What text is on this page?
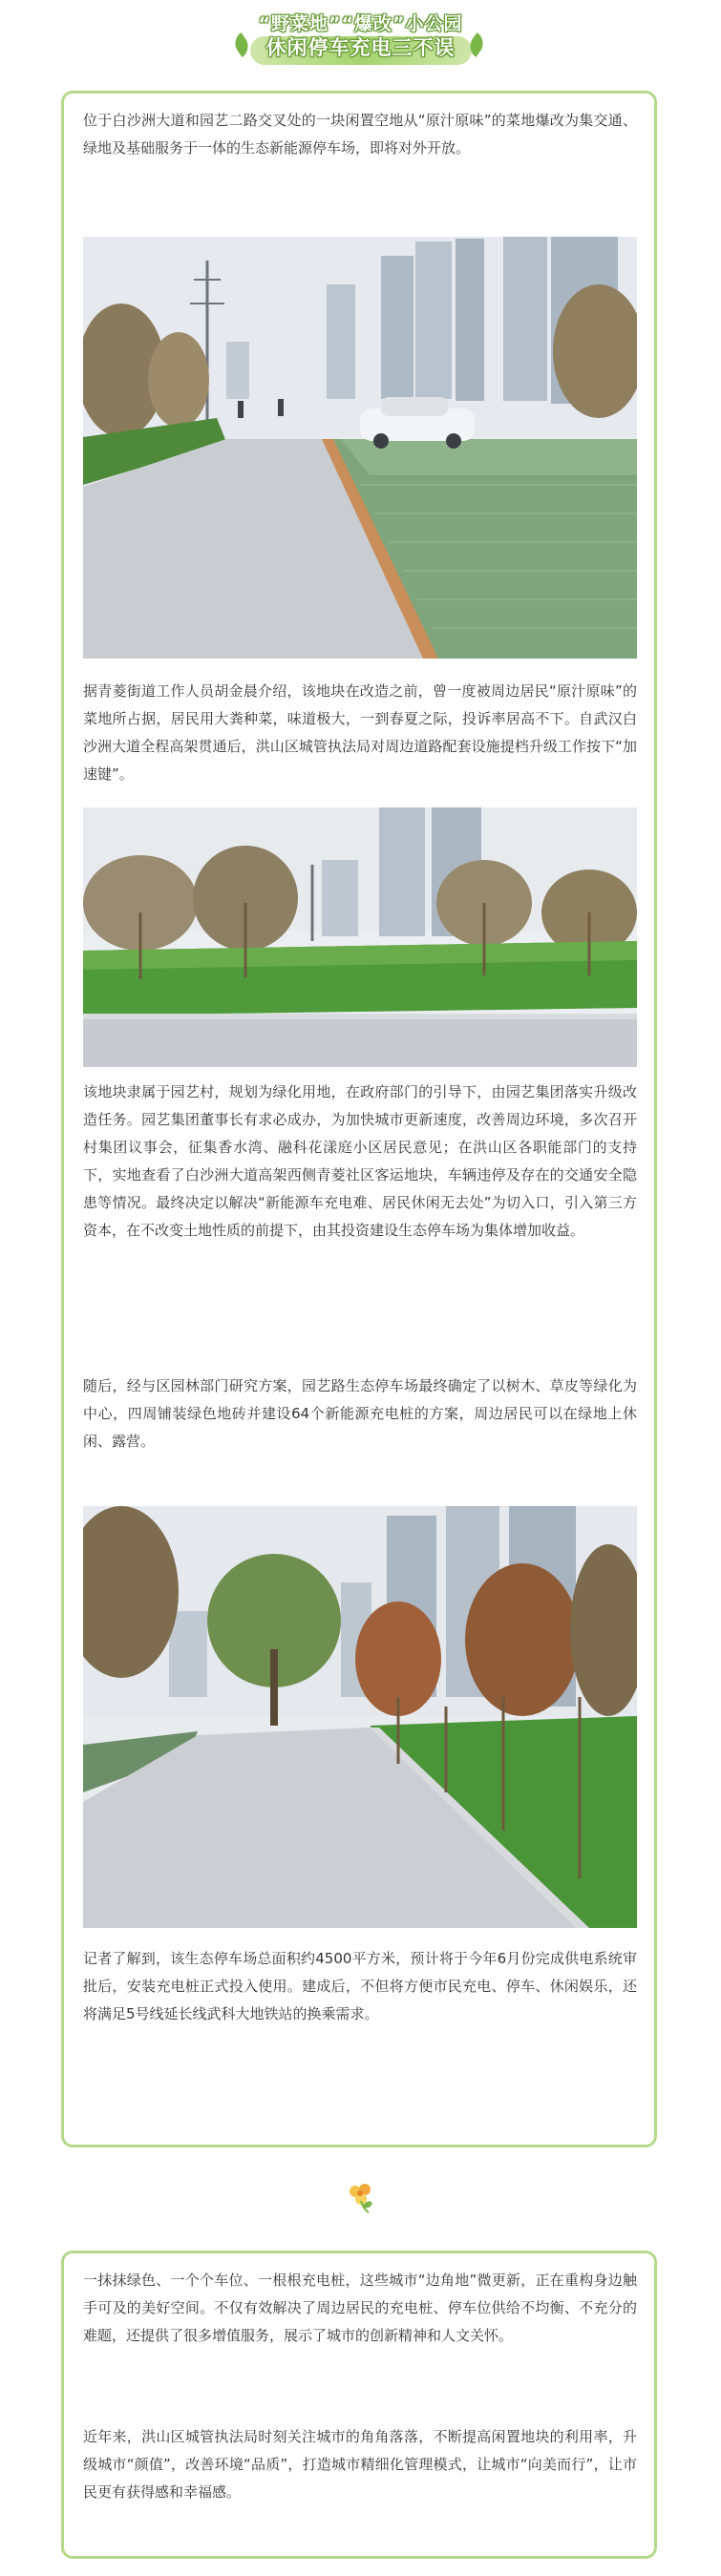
“野菜地”“爆改”小公园
休闲停车充电三不误

位于白沙洲大道和园艺二路交叉处的一块闲置空地从“原汁原味”的菜地爆改为集交通、绿地及基础服务于一体的生态新能源停车场，即将对外开放。

据青菱街道工作人员胡金晨介绍，该地块在改造之前，曾一度被周边居民“原汁原味”的菜地所占据，居民用大粪种菜，味道极大，一到春夏之际，投诉率居高不下。自武汉白沙洲大道全程高架贯通后，洪山区城管执法局对周边道路配套设施提档升级工作按下“加速键”。

该地块隶属于园艺村，规划为绿化用地，在政府部门的引导下，由园艺集团落实升级改造任务。园艺集团董事长有求必成办，为加快城市更新速度，改善周边环境，多次召开村集团议事会，征集香水湾、融科花漾庭小区居民意见；在洪山区各职能部门的支持下，实地查看了白沙洲大道高架西侧青菱社区客运地块，车辆违停及存在的交通安全隐患等情况。最终决定以解决“新能源车充电难、居民休闲无去处”为切入口，引入第三方资本，在不改变土地性质的前提下，由其投资建设生态停车场为集体增加收益。

随后，经与区园林部门研究方案，园艺路生态停车场最终确定了以树木、草皮等绿化为中心，四周铺装绿色地砖并建设64个新能源充电桩的方案，周边居民可以在绿地上休闲、露营。

记者了解到，该生态停车场总面积约4500平方米，预计将于今年6月份完成供电系统审批后，安装充电桩正式投入使用。建成后，不但将方便市民充电、停车、休闲娱乐，还将满足5号线延长线武科大地铁站的换乘需求。

一抹抹绿色、一个个车位、一根根充电桩，这些城市“边角地”微更新，正在重构身边触手可及的美好空间。不仅有效解决了周边居民的充电桩、停车位供给不均衡、不充分的难题，还提供了很多增值服务，展示了城市的创新精神和人文关怀。

近年来，洪山区城管执法局时刻关注城市的角角落落，不断提高闲置地块的利用率，升级城市“颜值”，改善环境“品质”，打造城市精细化管理模式，让城市“向美而行”，让市民更有获得感和幸福感。
